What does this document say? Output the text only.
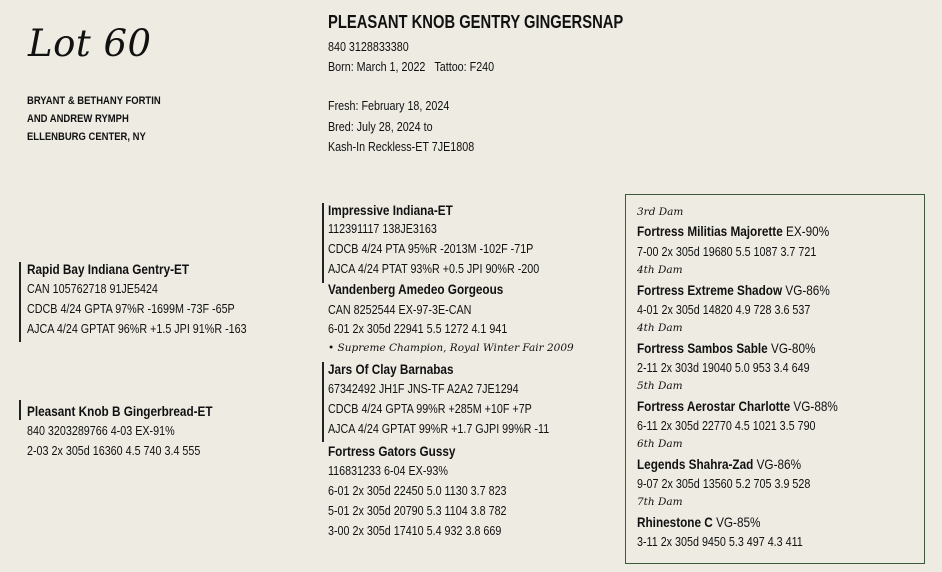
Lot 60
BRYANT & BETHANY FORTIN
AND ANDREW RYMPH
ELLENBURG CENTER, NY
PLEASANT KNOB GENTRY GINGERSNAP
840 3128833380
Born: March 1, 2022 Tattoo: F240
Fresh: February 18, 2024
Bred: July 28, 2024 to
Kash-In Reckless-ET 7JE1808
Rapid Bay Indiana Gentry-ET
CAN 105762718 91JE5424
CDCB 4/24 GPTA 97%R -1699M -73F -65P
AJCA 4/24 GPTAT 96%R +1.5 JPI 91%R -163
Pleasant Knob B Gingerbread-ET
840 3203289766 4-03 EX-91%
2-03 2x 305d 16360 4.5 740 3.4 555
Impressive Indiana-ET
112391117 138JE3163
CDCB 4/24 PTA 95%R -2013M -102F -71P
AJCA 4/24 PTAT 93%R +0.5 JPI 90%R -200
Vandenberg Amedeo Gorgeous
CAN 8252544 EX-97-3E-CAN
6-01 2x 305d 22941 5.5 1272 4.1 941
• Supreme Champion, Royal Winter Fair 2009
Jars Of Clay Barnabas
67342492 JH1F JNS-TF A2A2 7JE1294
CDCB 4/24 GPTA 99%R +285M +10F +7P
AJCA 4/24 GPTAT 99%R +1.7 GJPI 99%R -11
Fortress Gators Gussy
116831233 6-04 EX-93%
6-01 2x 305d 22450 5.0 1130 3.7 823
5-01 2x 305d 20790 5.3 1104 3.8 782
3-00 2x 305d 17410 5.4 932 3.8 669
3rd Dam
Fortress Militias Majorette EX-90%
7-00 2x 305d 19680 5.5 1087 3.7 721
4th Dam
Fortress Extreme Shadow VG-86%
4-01 2x 305d 14820 4.9 728 3.6 537
4th Dam
Fortress Sambos Sable VG-80%
2-11 2x 303d 19040 5.0 953 3.4 649
5th Dam
Fortress Aerostar Charlotte VG-88%
6-11 2x 305d 22770 4.5 1021 3.5 790
6th Dam
Legends Shahra-Zad VG-86%
9-07 2x 305d 13560 5.2 705 3.9 528
7th Dam
Rhinestone C VG-85%
3-11 2x 305d 9450 5.3 497 4.3 411
